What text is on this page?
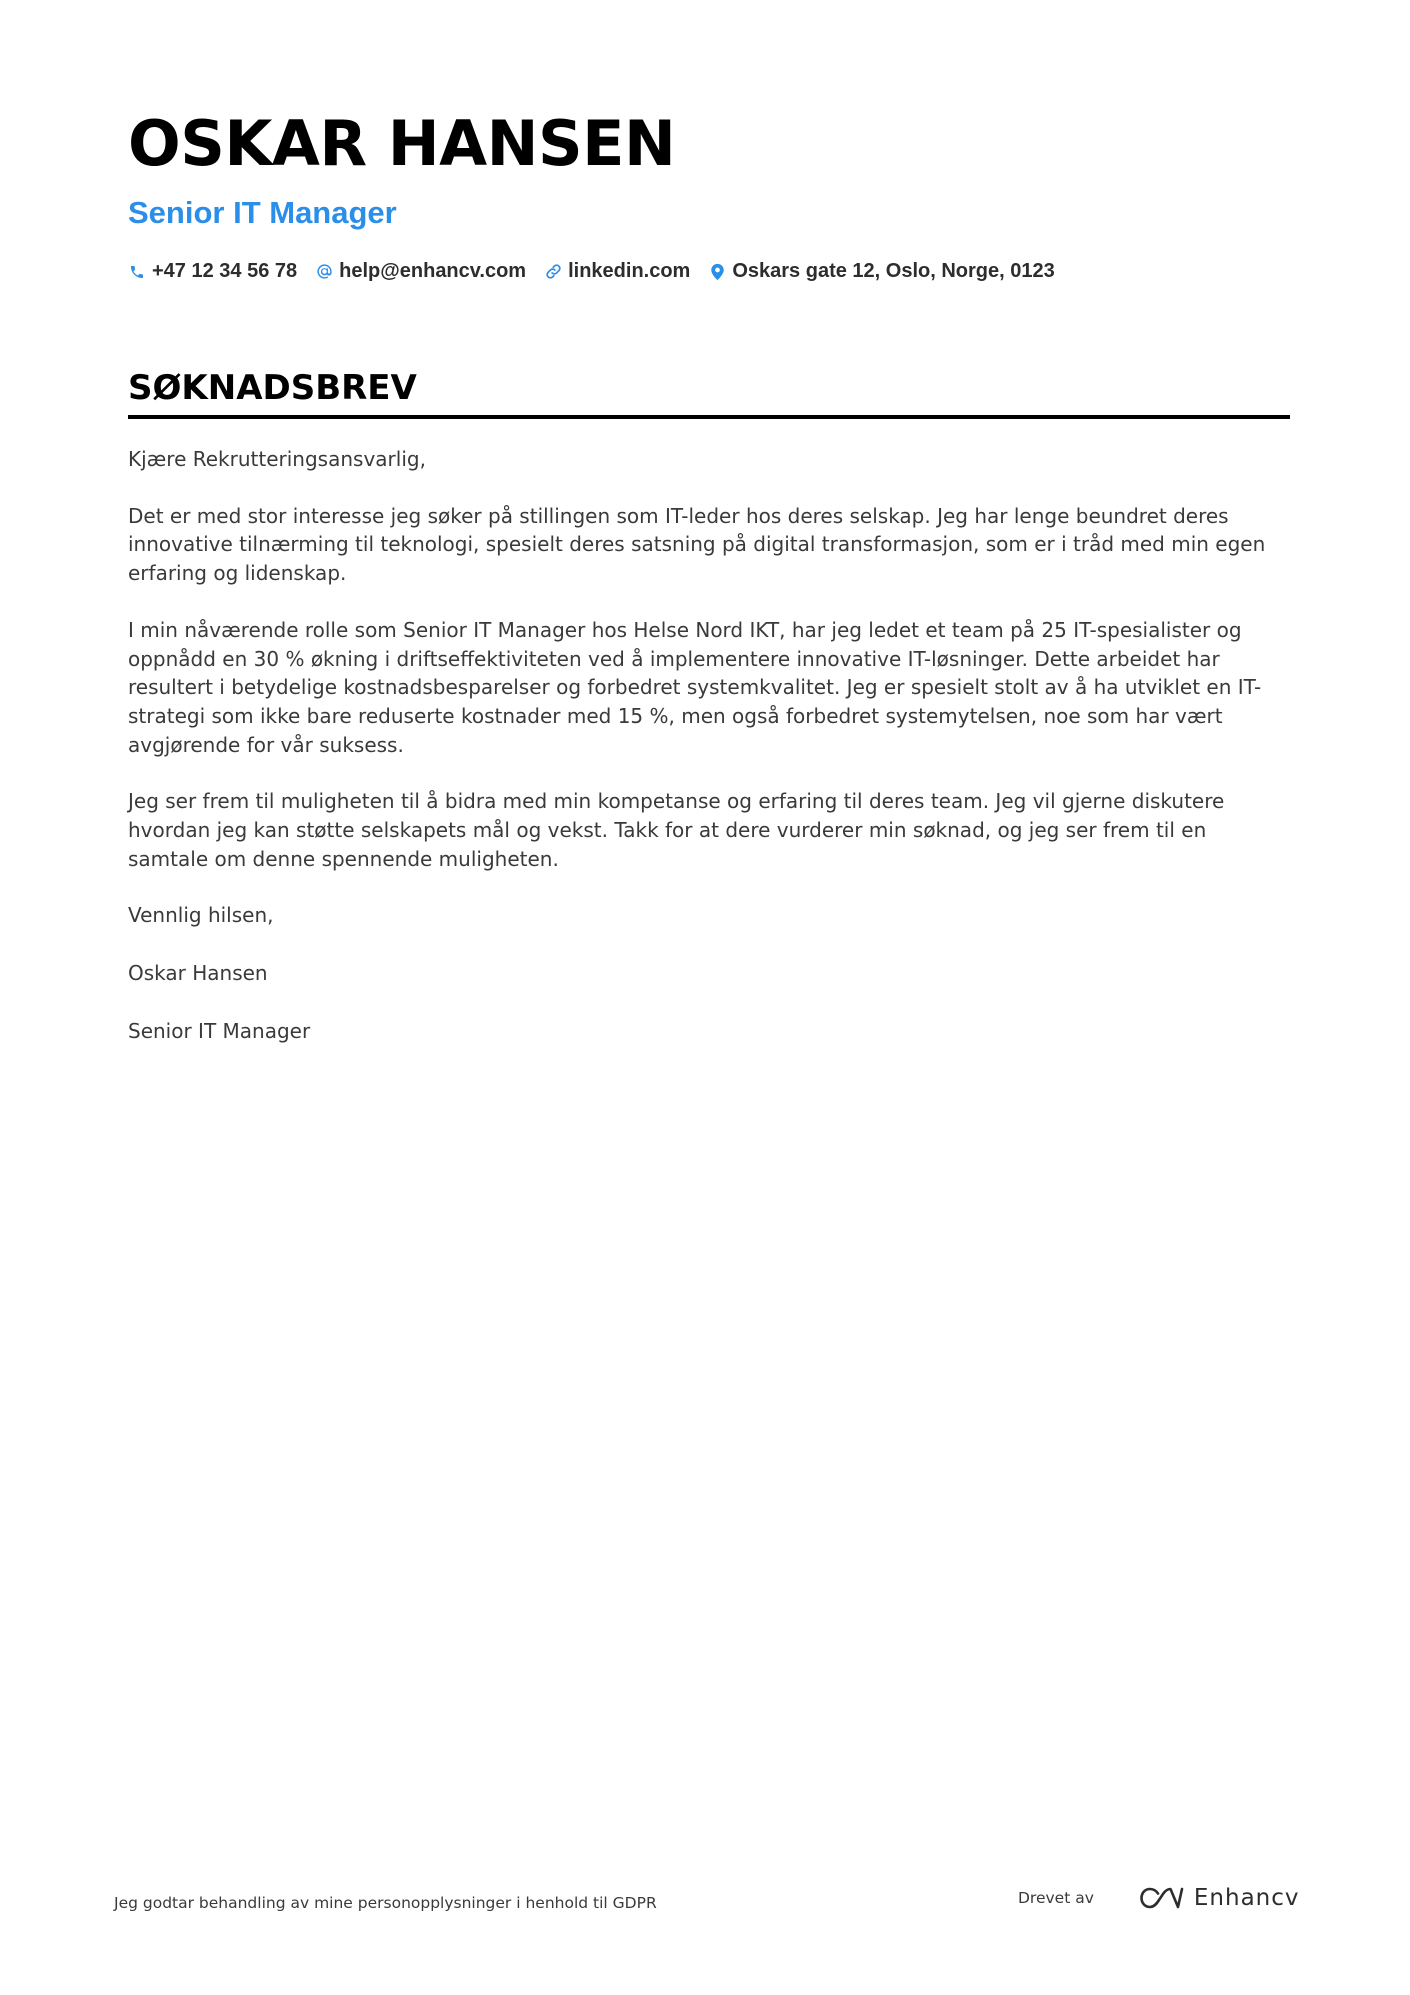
OSKAR HANSEN
Senior IT Manager
+47 12 34 56 78 help@enhancv.com linkedin.com Oskars gate 12, Oslo, Norge, 0123
SØKNADSBREV

Kjære Rekrutteringsansvarlig,

Det er med stor interesse jeg søker på stillingen som IT-leder hos deres selskap. Jeg har lenge beundret deres innovative tilnærming til teknologi, spesielt deres satsning på digital transformasjon, som er i tråd med min egen erfaring og lidenskap.

I min nåværende rolle som Senior IT Manager hos Helse Nord IKT, har jeg ledet et team på 25 IT-spesialister og oppnådd en 30 % økning i driftseffektiviteten ved å implementere innovative IT-løsninger. Dette arbeidet har resultert i betydelige kostnadsbesparelser og forbedret systemkvalitet. Jeg er spesielt stolt av å ha utviklet en IT-strategi som ikke bare reduserte kostnader med 15 %, men også forbedret systemytelsen, noe som har vært avgjørende for vår suksess.

Jeg ser frem til muligheten til å bidra med min kompetanse og erfaring til deres team. Jeg vil gjerne diskutere hvordan jeg kan støtte selskapets mål og vekst. Takk for at dere vurderer min søknad, og jeg ser frem til en samtale om denne spennende muligheten.

Vennlig hilsen,

Oskar Hansen

Senior IT Manager

Jeg godtar behandling av mine personopplysninger i henhold til GDPR	Drevet av	Enhancv
